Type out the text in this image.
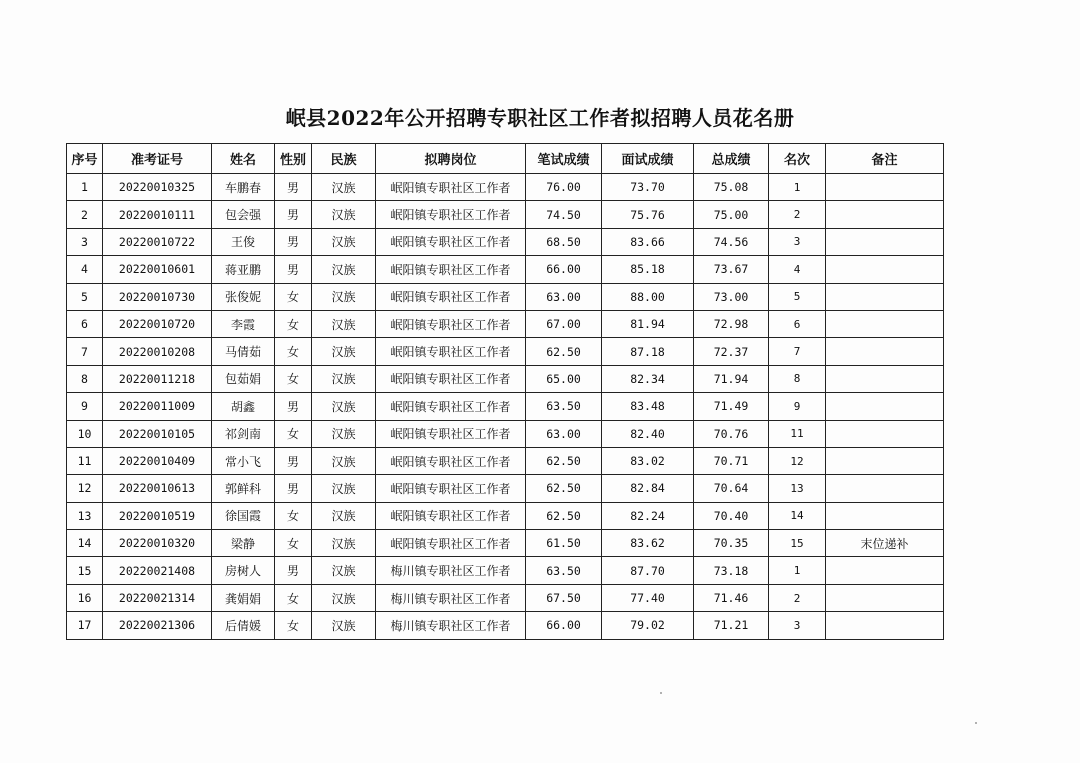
岷县2022年公开招聘专职社区工作者拟招聘人员花名册
序号	准考证号	姓名	性别	民族	拟聘岗位	笔试成绩	面试成绩	总成绩	名次	备注
1	20220010325	车鹏春	男	汉族	岷阳镇专职社区工作者	76.00	73.70	75.08	1	
2	20220010111	包会强	男	汉族	岷阳镇专职社区工作者	74.50	75.76	75.00	2	
3	20220010722	王俊	男	汉族	岷阳镇专职社区工作者	68.50	83.66	74.56	3	
4	20220010601	蒋亚鹏	男	汉族	岷阳镇专职社区工作者	66.00	85.18	73.67	4	
5	20220010730	张俊妮	女	汉族	岷阳镇专职社区工作者	63.00	88.00	73.00	5	
6	20220010720	李霞	女	汉族	岷阳镇专职社区工作者	67.00	81.94	72.98	6	
7	20220010208	马倩茹	女	汉族	岷阳镇专职社区工作者	62.50	87.18	72.37	7	
8	20220011218	包茹娟	女	汉族	岷阳镇专职社区工作者	65.00	82.34	71.94	8	
9	20220011009	胡鑫	男	汉族	岷阳镇专职社区工作者	63.50	83.48	71.49	9	
10	20220010105	祁剑南	女	汉族	岷阳镇专职社区工作者	63.00	82.40	70.76	11	
11	20220010409	常小飞	男	汉族	岷阳镇专职社区工作者	62.50	83.02	70.71	12	
12	20220010613	郭鲜科	男	汉族	岷阳镇专职社区工作者	62.50	82.84	70.64	13	
13	20220010519	徐国霞	女	汉族	岷阳镇专职社区工作者	62.50	82.24	70.40	14	
14	20220010320	梁静	女	汉族	岷阳镇专职社区工作者	61.50	83.62	70.35	15	末位递补
15	20220021408	房树人	男	汉族	梅川镇专职社区工作者	63.50	87.70	73.18	1	
16	20220021314	龚娟娟	女	汉族	梅川镇专职社区工作者	67.50	77.40	71.46	2	
17	20220021306	后倩媛	女	汉族	梅川镇专职社区工作者	66.00	79.02	71.21	3	
